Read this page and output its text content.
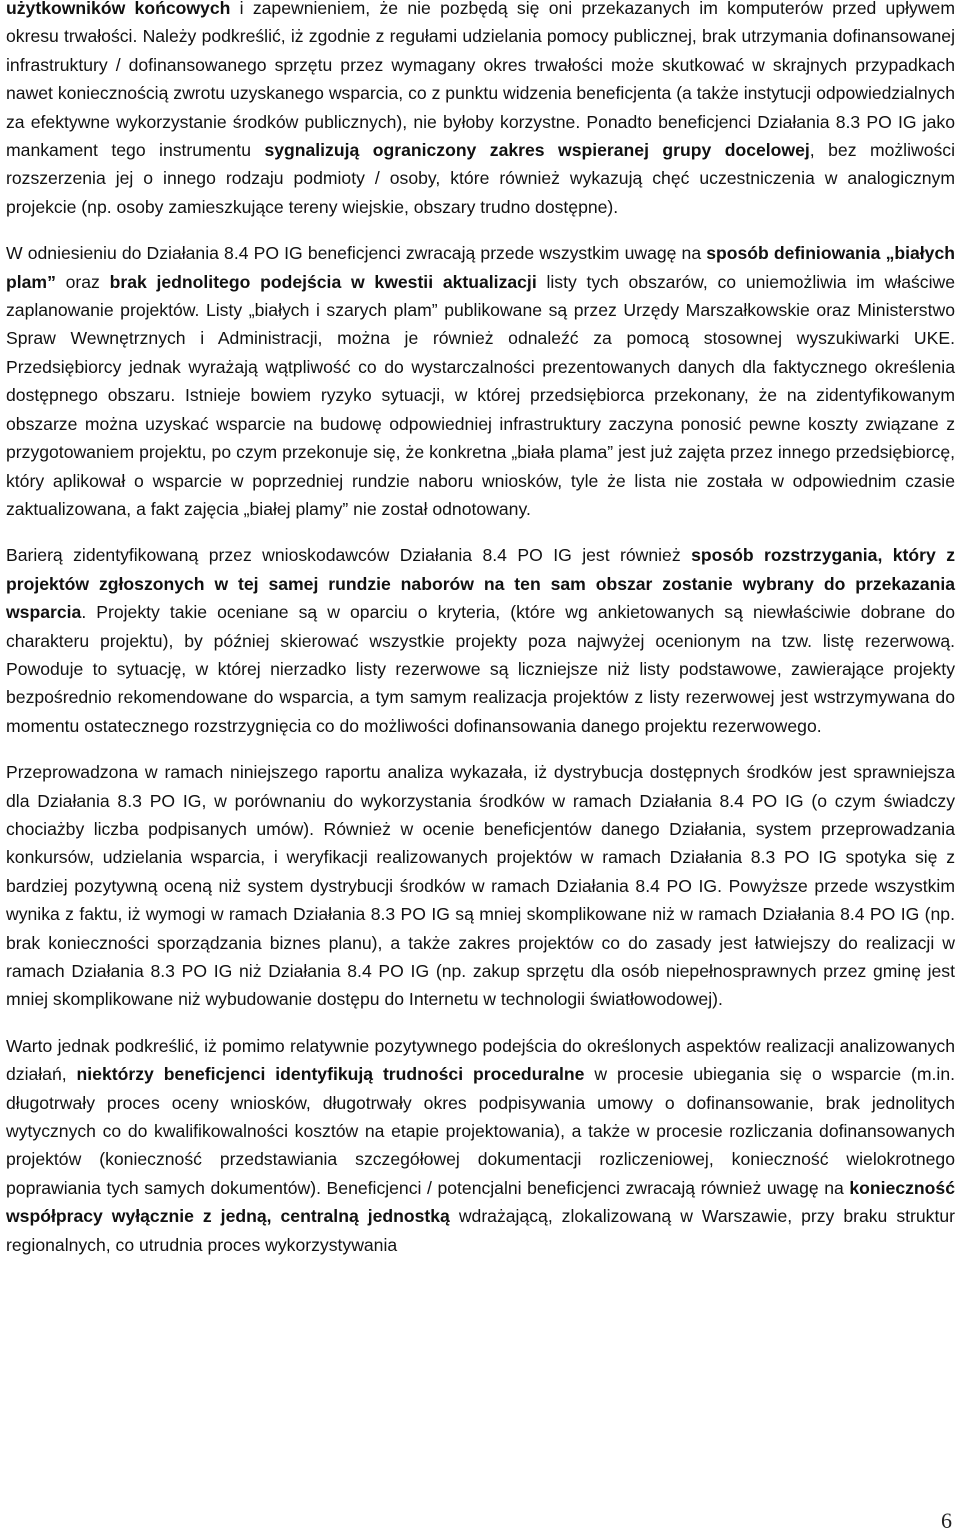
użytkowników końcowych i zapewnieniem, że nie pozbędą się oni przekazanych im komputerów przed upływem okresu trwałości. Należy podkreślić, iż zgodnie z regułami udzielania pomocy publicznej, brak utrzymania dofinansowanej infrastruktury / dofinansowanego sprzętu przez wymagany okres trwałości może skutkować w skrajnych przypadkach nawet koniecznością zwrotu uzyskanego wsparcia, co z punktu widzenia beneficjenta (a także instytucji odpowiedzialnych za efektywne wykorzystanie środków publicznych), nie byłoby korzystne. Ponadto beneficjenci Działania 8.3 PO IG jako mankament tego instrumentu sygnalizują ograniczony zakres wspieranej grupy docelowej, bez możliwości rozszerzenia jej o innego rodzaju podmioty / osoby, które również wykazują chęć uczestniczenia w analogicznym projekcie (np. osoby zamieszkujące tereny wiejskie, obszary trudno dostępne).

W odniesieniu do Działania 8.4 PO IG beneficjenci zwracają przede wszystkim uwagę na sposób definiowania „białych plam” oraz brak jednolitego podejścia w kwestii aktualizacji listy tych obszarów, co uniemożliwia im właściwe zaplanowanie projektów. Listy „białych i szarych plam” publikowane są przez Urzędy Marszałkowskie oraz Ministerstwo Spraw Wewnętrznych i Administracji, można je również odnaleźć za pomocą stosownej wyszukiwarki UKE. Przedsiębiorcy jednak wyrażają wątpliwość co do wystarczalności prezentowanych danych dla faktycznego określenia dostępnego obszaru. Istnieje bowiem ryzyko sytuacji, w której przedsiębiorca przekonany, że na zidentyfikowanym obszarze można uzyskać wsparcie na budowę odpowiedniej infrastruktury zaczyna ponosić pewne koszty związane z przygotowaniem projektu, po czym przekonuje się, że konkretna „biała plama” jest już zajęta przez innego przedsiębiorcę, który aplikował o wsparcie w poprzedniej rundzie naboru wniosków, tyle że lista nie została w odpowiednim czasie zaktualizowana, a fakt zajęcia „białej plamy” nie został odnotowany.

Barierą zidentyfikowaną przez wnioskodawców Działania 8.4 PO IG jest również sposób rozstrzygania, który z projektów zgłoszonych w tej samej rundzie naborów na ten sam obszar zostanie wybrany do przekazania wsparcia. Projekty takie oceniane są w oparciu o kryteria, (które wg ankietowanych są niewłaściwie dobrane do charakteru projektu), by później skierować wszystkie projekty poza najwyżej ocenionym na tzw. listę rezerwową. Powoduje to sytuację, w której nierzadko listy rezerwowe są liczniejsze niż listy podstawowe, zawierające projekty bezpośrednio rekomendowane do wsparcia, a tym samym realizacja projektów z listy rezerwowej jest wstrzymywana do momentu ostatecznego rozstrzygnięcia co do możliwości dofinansowania danego projektu rezerwowego.

Przeprowadzona w ramach niniejszego raportu analiza wykazała, iż dystrybucja dostępnych środków jest sprawniejsza dla Działania 8.3 PO IG, w porównaniu do wykorzystania środków w ramach Działania 8.4 PO IG (o czym świadczy chociażby liczba podpisanych umów). Również w ocenie beneficjentów danego Działania, system przeprowadzania konkursów, udzielania wsparcia, i weryfikacji realizowanych projektów w ramach Działania 8.3 PO IG spotyka się z bardziej pozytywną oceną niż system dystrybucji środków w ramach Działania 8.4 PO IG. Powyższe przede wszystkim wynika z faktu, iż wymogi w ramach Działania 8.3 PO IG są mniej skomplikowane niż w ramach Działania 8.4 PO IG (np. brak konieczności sporządzania biznes planu), a także zakres projektów co do zasady jest łatwiejszy do realizacji w ramach Działania 8.3 PO IG niż Działania 8.4 PO IG (np. zakup sprzętu dla osób niepełnosprawnych przez gminę jest mniej skomplikowane niż wybudowanie dostępu do Internetu w technologii światłowodowej).

Warto jednak podkreślić, iż pomimo relatywnie pozytywnego podejścia do określonych aspektów realizacji analizowanych działań, niektórzy beneficjenci identyfikują trudności proceduralne w procesie ubiegania się o wsparcie (m.in. długotrwały proces oceny wniosków, długotrwały okres podpisywania umowy o dofinansowanie, brak jednolitych wytycznych co do kwalifikowalności kosztów na etapie projektowania), a także w procesie rozliczania dofinansowanych projektów (konieczność przedstawiania szczegółowej dokumentacji rozliczeniowej, konieczność wielokrotnego poprawiania tych samych dokumentów). Beneficjenci / potencjalni beneficjenci zwracają również uwagę na konieczność współpracy wyłącznie z jedną, centralną jednostką wdrażającą, zlokalizowaną w Warszawie, przy braku struktur regionalnych, co utrudnia proces wykorzystywania

6
